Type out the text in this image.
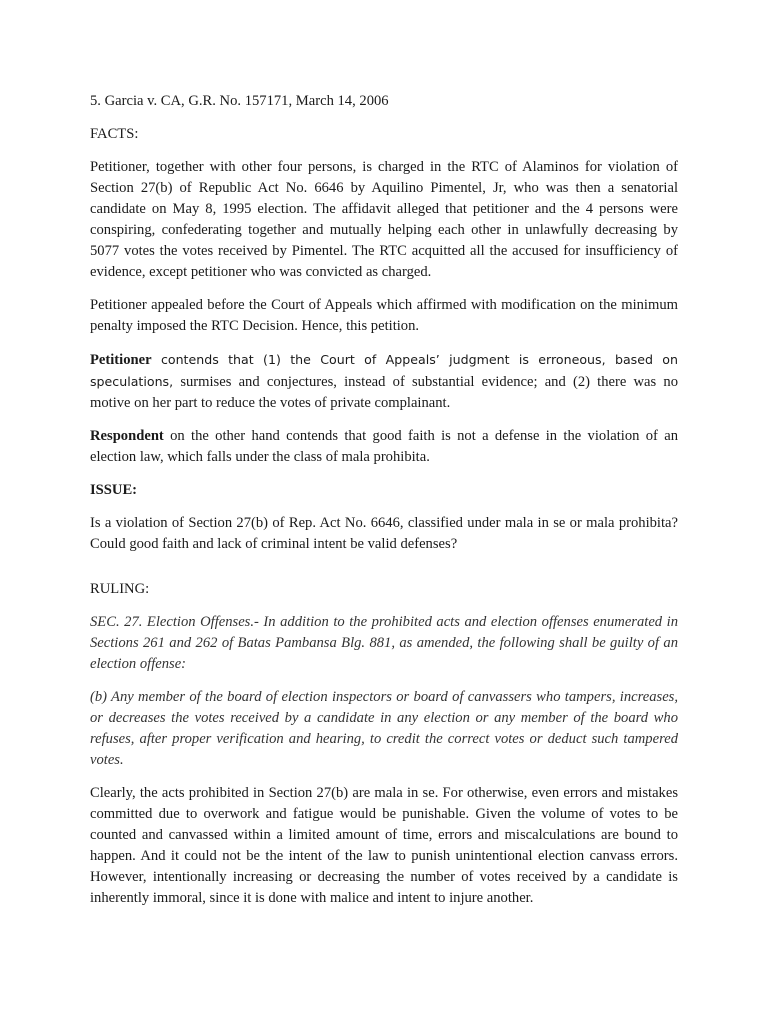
5. Garcia v. CA, G.R. No. 157171, March 14, 2006

FACTS:

Petitioner, together with other four persons, is charged in the RTC of Alaminos for violation of Section 27(b) of Republic Act No. 6646 by Aquilino Pimentel, Jr, who was then a senatorial candidate on May 8, 1995 election. The affidavit alleged that petitioner and the 4 persons were conspiring, confederating together and mutually helping each other in unlawfully decreasing by 5077 votes the votes received by Pimentel. The RTC acquitted all the accused for insufficiency of evidence, except petitioner who was convicted as charged.

Petitioner appealed before the Court of Appeals which affirmed with modification on the minimum penalty imposed the RTC Decision. Hence, this petition.

Petitioner contends that (1) the Court of Appeals’ judgment is erroneous, based on speculations, surmises and conjectures, instead of substantial evidence; and (2) there was no motive on her part to reduce the votes of private complainant.

Respondent on the other hand contends that good faith is not a defense in the violation of an election law, which falls under the class of mala prohibita.

ISSUE:

Is a violation of Section 27(b) of Rep. Act No. 6646, classified under mala in se or mala prohibita? Could good faith and lack of criminal intent be valid defenses?

RULING:

SEC. 27. Election Offenses.- In addition to the prohibited acts and election offenses enumerated in Sections 261 and 262 of Batas Pambansa Blg. 881, as amended, the following shall be guilty of an election offense:

(b) Any member of the board of election inspectors or board of canvassers who tampers, increases, or decreases the votes received by a candidate in any election or any member of the board who refuses, after proper verification and hearing, to credit the correct votes or deduct such tampered votes.

Clearly, the acts prohibited in Section 27(b) are mala in se. For otherwise, even errors and mistakes committed due to overwork and fatigue would be punishable. Given the volume of votes to be counted and canvassed within a limited amount of time, errors and miscalculations are bound to happen. And it could not be the intent of the law to punish unintentional election canvass errors. However, intentionally increasing or decreasing the number of votes received by a candidate is inherently immoral, since it is done with malice and intent to injure another.
